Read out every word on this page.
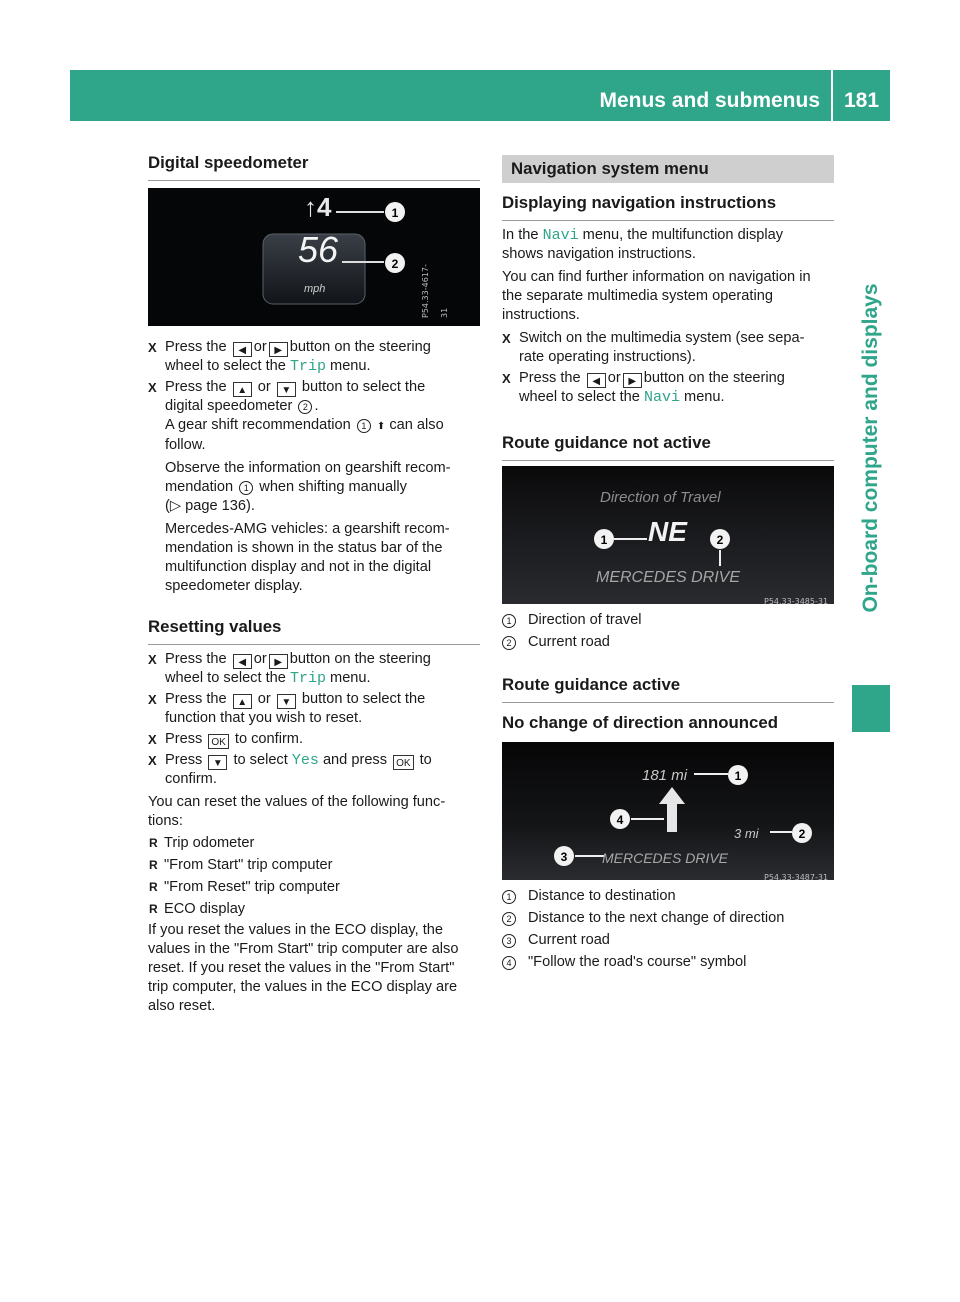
Menus and submenus	181
On-board computer and displays
Digital speedometer
↑4
56
mph
1
2
P54.33-4617-31
X Press the ◀ or ▶ button on the steering
wheel to select the Trip menu.
X Press the ▲ or ▼ button to select the
digital speedometer 2 .
A gear shift recommendation 1 ⬆ can also
follow.

Observe the information on gearshift recom-
mendation 1 when shifting manually
(▷ page 136).

Mercedes-AMG vehicles: a gearshift recom-
mendation is shown in the status bar of the
multifunction display and not in the digital
speedometer display.

Resetting values
X Press the ◀ or ▶ button on the steering
wheel to select the Trip menu.
X Press the ▲ or ▼ button to select the
function that you wish to reset.
X Press OK to confirm.
X Press ▼ to select Yes and press OK to
confirm.

You can reset the values of the following func-
tions:

R Trip odometer
R "From Start" trip computer
R "From Reset" trip computer
R ECO display

If you reset the values in the ECO display, the
values in the "From Start" trip computer are also
reset. If you reset the values in the "From Start"
trip computer, the values in the ECO display are
also reset.

Navigation system menu
Displaying navigation instructions

In the Navi menu, the multifunction display
shows navigation instructions.

You can find further information on navigation in
the separate multimedia system operating
instructions.

X Switch on the multimedia system (see sepa-
rate operating instructions).
X Press the ◀ or ▶ button on the steering
wheel to select the Navi menu.
Route guidance not active
Direction of Travel
NE
MERCEDES DRIVE
1	2
P54.33-3485-31
1	Direction of travel
2	Current road
Route guidance active
No change of direction announced
181 mi
3 mi
MERCEDES DRIVE
1
2
3
4
P54.33-3487-31
1	Distance to destination
2	Distance to the next change of direction
3	Current road
4	"Follow the road's course" symbol
